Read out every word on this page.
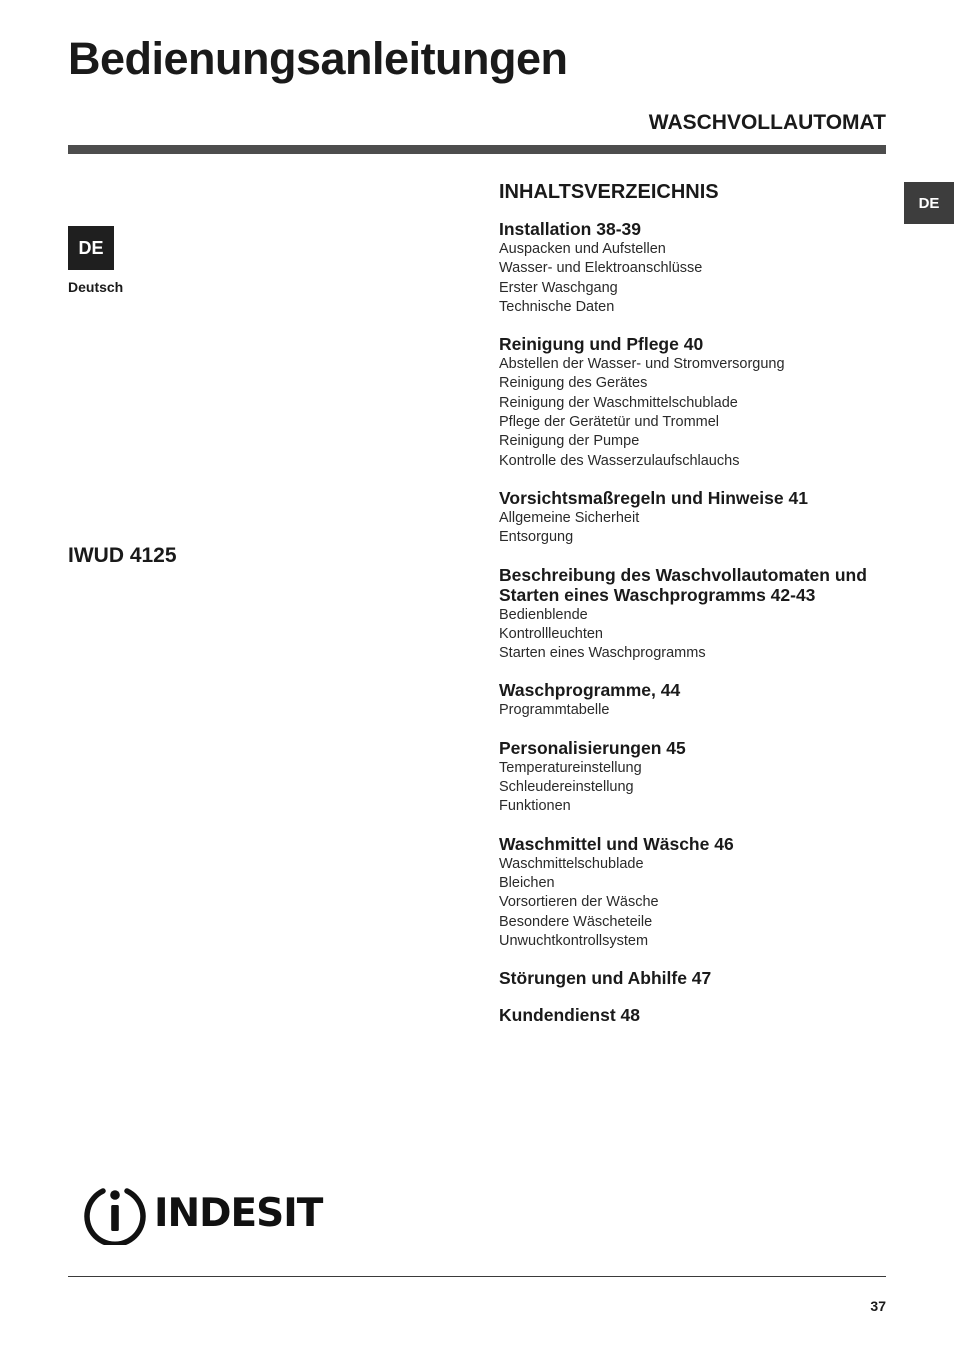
Bedienungsanleitungen
WASCHVOLLAUTOMAT
DE
DE
Deutsch
IWUD 4125
INHALTSVERZEICHNIS
Installation 38-39
Auspacken und Aufstellen
Wasser- und Elektroanschlüsse
Erster Waschgang
Technische Daten
Reinigung und Pflege 40
Abstellen der Wasser- und Stromversorgung
Reinigung des Gerätes
Reinigung der Waschmittelschublade
Pflege der Gerätetür und Trommel
Reinigung der Pumpe
Kontrolle des Wasserzulaufschlauchs
Vorsichtsmaßregeln und Hinweise 41
Allgemeine Sicherheit
Entsorgung
Beschreibung des Waschvollautomaten und Starten eines Waschprogramms 42-43
Bedienblende
Kontrollleuchten
Starten eines Waschprogramms
Waschprogramme, 44
Programmtabelle
Personalisierungen 45
Temperatureinstellung
Schleudereinstellung
Funktionen
Waschmittel und Wäsche 46
Waschmittelschublade
Bleichen
Vorsortieren der Wäsche
Besondere Wäscheteile
Unwuchtkontrollsystem
Störungen und Abhilfe 47
Kundendienst 48
INDESIT
37
